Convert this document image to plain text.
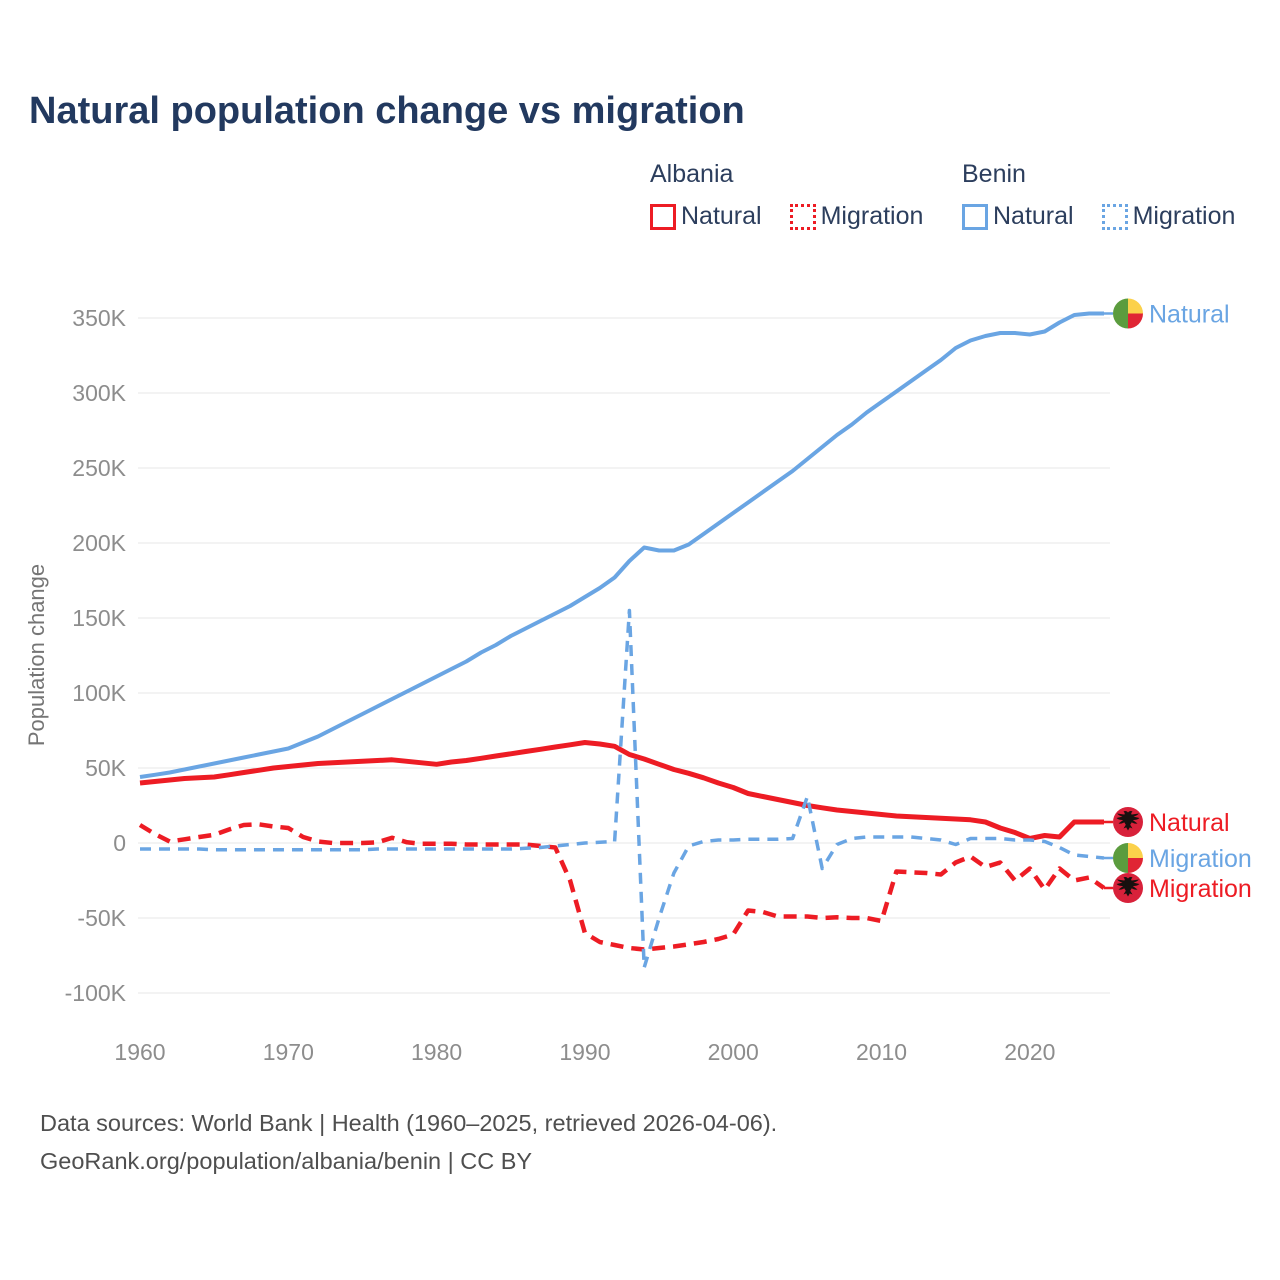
Natural population change vs migration
Albania
Natural Migration
Benin
Natural Migration
350K
300K
250K
200K
150K
100K
50K
0
-50K
-100K
1960	1970	1980	1990	2000	2010	2020
Population change
Natural
Natural
Migration
Migration
Data sources: World Bank | Health (1960–2025, retrieved 2026-04-06).
GeoRank.org/population/albania/benin | CC BY
